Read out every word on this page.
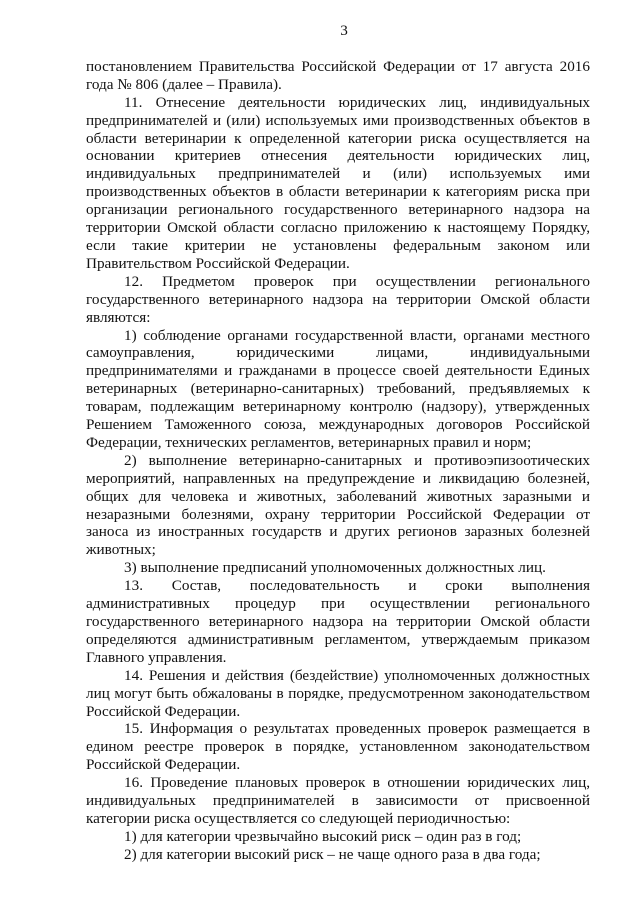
3

постановлением Правительства Российской Федерации от 17 августа 2016 года № 806 (далее – Правила).

11. Отнесение деятельности юридических лиц, индивидуальных предпринимателей и (или) используемых ими производственных объектов в области ветеринарии к определенной категории риска осуществляется на основании критериев отнесения деятельности юридических лиц, индивидуальных предпринимателей и (или) используемых ими производственных объектов в области ветеринарии к категориям риска при организации регионального государственного ветеринарного надзора на территории Омской области согласно приложению к настоящему Порядку, если такие критерии не установлены федеральным законом или Правительством Российской Федерации.

12. Предметом проверок при осуществлении регионального государственного ветеринарного надзора на территории Омской области являются:

1) соблюдение органами государственной власти, органами местного самоуправления, юридическими лицами, индивидуальными предпринимателями и гражданами в процессе своей деятельности Единых ветеринарных (ветеринарно-санитарных) требований, предъявляемых к товарам, подлежащим ветеринарному контролю (надзору), утвержденных Решением Таможенного союза, международных договоров Российской Федерации, технических регламентов, ветеринарных правил и норм;

2) выполнение ветеринарно-санитарных и противоэпизоотических мероприятий, направленных на предупреждение и ликвидацию болезней, общих для человека и животных, заболеваний животных заразными и незаразными болезнями, охрану территории Российской Федерации от заноса из иностранных государств и других регионов заразных болезней животных;

3) выполнение предписаний уполномоченных должностных лиц.

13. Состав, последовательность и сроки выполнения административных процедур при осуществлении регионального государственного ветеринарного надзора на территории Омской области определяются административным регламентом, утверждаемым приказом Главного управления.

14. Решения и действия (бездействие) уполномоченных должностных лиц могут быть обжалованы в порядке, предусмотренном законодательством Российской Федерации.

15. Информация о результатах проведенных проверок размещается в едином реестре проверок в порядке, установленном законодательством Российской Федерации.

16. Проведение плановых проверок в отношении юридических лиц, индивидуальных предпринимателей в зависимости от присвоенной категории риска осуществляется со следующей периодичностью:

1) для категории чрезвычайно высокий риск – один раз в год;

2) для категории высокий риск – не чаще одного раза в два года;
